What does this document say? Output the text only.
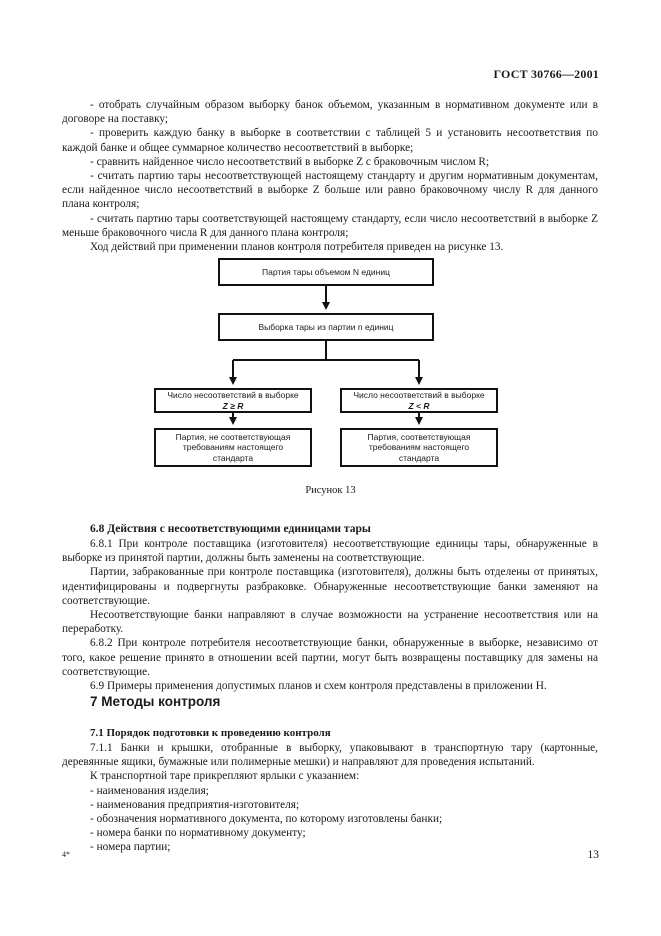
ГОСТ 30766—2001

- отобрать случайным образом выборку банок объемом, указанным в нормативном документе или в договоре на поставку;

- проверить каждую банку в выборке в соответствии с таблицей 5 и установить несоответствия по каждой банке и общее суммарное количество несоответствий в выборке;

- сравнить найденное число несоответствий в выборке Z с браковочным числом R;

- считать партию тары несоответствующей настоящему стандарту и другим нормативным документам, если найденное число несоответствий в выборке Z больше или равно браковочному числу R для данного плана контроля;

- считать партию тары соответствующей настоящему стандарту, если число несоответствий в выборке Z меньше браковочного числа R для данного плана контроля;

Ход действий при применении планов контроля потребителя приведен на рисунке 13.

Партия тары объемом N единиц
Выборка тары из партии n единиц
Число несоответствий в выборке
Z ≥ R
Число несоответствий в выборке
Z < R
Партия, не соответствующая требованиям настоящего стандарта
Партия, соответствующая требованиям настоящего стандарта
Рисунок 13
6.8 Действия с несоответствующими единицами тары

6.8.1 При контроле поставщика (изготовителя) несоответствующие единицы тары, обнаруженные в выборке из принятой партии, должны быть заменены на соответствующие.

Партии, забракованные при контроле поставщика (изготовителя), должны быть отделены от принятых, идентифицированы и подвергнуты разбраковке. Обнаруженные несоответствующие банки заменяют на соответствующие.

Несоответствующие банки направляют в случае возможности на устранение несоответствия или на переработку.

6.8.2 При контроле потребителя несоответствующие банки, обнаруженные в выборке, независимо от того, какое решение принято в отношении всей партии, могут быть возвращены поставщику для замены на соответствующие.

6.9 Примеры применения допустимых планов и схем контроля представлены в приложении Н.

7 Методы контроля
7.1 Порядок подготовки к проведению контроля

7.1.1 Банки и крышки, отобранные в выборку, упаковывают в транспортную тару (картонные, деревянные ящики, бумажные или полимерные мешки) и направляют для проведения испытаний.

К транспортной таре прикрепляют ярлыки с указанием:

- наименования изделия;

- наименования предприятия-изготовителя;

- обозначения нормативного документа, по которому изготовлены банки;

- номера банки по нормативному документу;

- номера партии;

4*	13
